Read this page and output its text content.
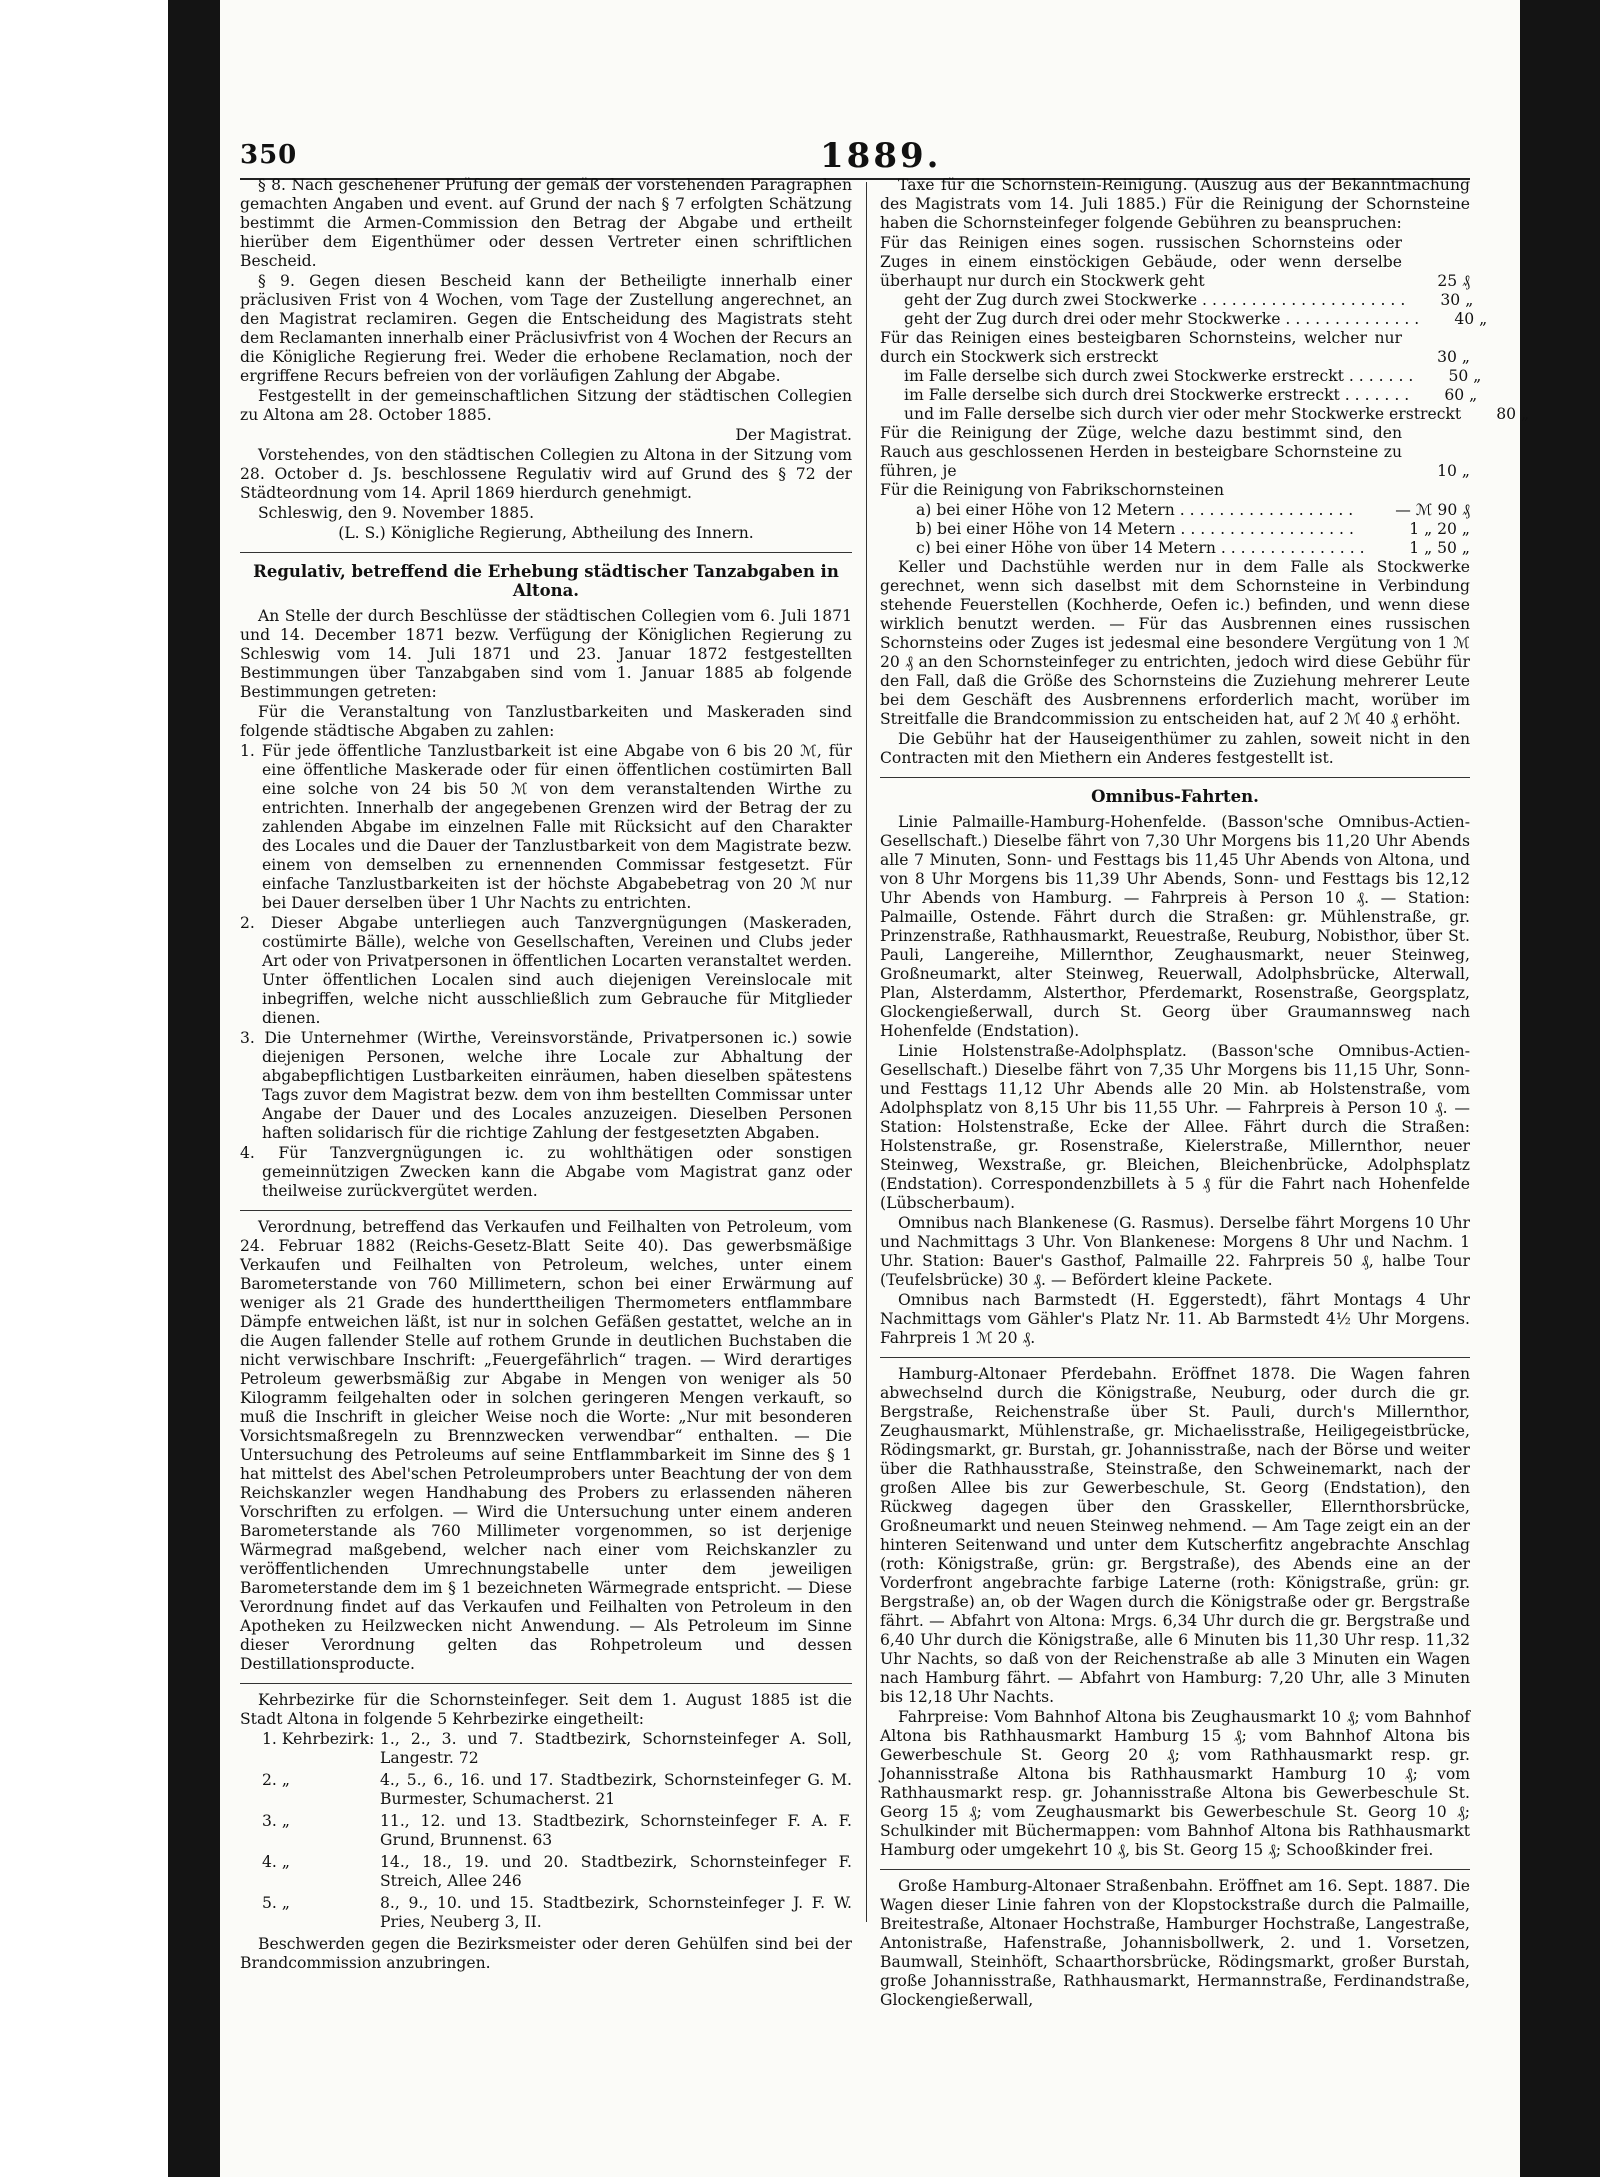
350	1889.

§ 8. Nach geschehener Prüfung der gemäß der vorstehenden Paragraphen gemachten Angaben und event. auf Grund der nach § 7 erfolgten Schätzung bestimmt die Armen-Commission den Betrag der Abgabe und ertheilt hierüber dem Eigenthümer oder dessen Vertreter einen schriftlichen Bescheid.

§ 9. Gegen diesen Bescheid kann der Betheiligte innerhalb einer präclusiven Frist von 4 Wochen, vom Tage der Zustellung angerechnet, an den Magistrat reclamiren. Gegen die Entscheidung des Magistrats steht dem Reclamanten innerhalb einer Präclusivfrist von 4 Wochen der Recurs an die Königliche Regierung frei. Weder die erhobene Reclamation, noch der ergriffene Recurs befreien von der vorläufigen Zahlung der Abgabe.

Festgestellt in der gemeinschaftlichen Sitzung der städtischen Collegien zu Altona am 28. October 1885.

Der Magistrat.

Vorstehendes, von den städtischen Collegien zu Altona in der Sitzung vom 28. October d. Js. beschlossene Regulativ wird auf Grund des § 72 der Städteordnung vom 14. April 1869 hierdurch genehmigt.

Schleswig, den 9. November 1885.

(L. S.) Königliche Regierung, Abtheilung des Innern.

Regulativ, betreffend die Erhebung städtischer Tanzabgaben in Altona.

An Stelle der durch Beschlüsse der städtischen Collegien vom 6. Juli 1871 und 14. December 1871 bezw. Verfügung der Königlichen Regierung zu Schleswig vom 14. Juli 1871 und 23. Januar 1872 festgestellten Bestimmungen über Tanzabgaben sind vom 1. Januar 1885 ab folgende Bestimmungen getreten:

Für die Veranstaltung von Tanzlustbarkeiten und Maskeraden sind folgende städtische Abgaben zu zahlen:

1. Für jede öffentliche Tanzlustbarkeit ist eine Abgabe von 6 bis 20 ℳ, für eine öffentliche Maskerade oder für einen öffentlichen costümirten Ball eine solche von 24 bis 50 ℳ von dem veranstaltenden Wirthe zu entrichten. Innerhalb der angegebenen Grenzen wird der Betrag der zu zahlenden Abgabe im einzelnen Falle mit Rücksicht auf den Charakter des Locales und die Dauer der Tanzlustbarkeit von dem Magistrate bezw. einem von demselben zu ernennenden Commissar festgesetzt. Für einfache Tanzlustbarkeiten ist der höchste Abgabebetrag von 20 ℳ nur bei Dauer derselben über 1 Uhr Nachts zu entrichten.

2. Dieser Abgabe unterliegen auch Tanzvergnügungen (Maskeraden, costümirte Bälle), welche von Gesellschaften, Vereinen und Clubs jeder Art oder von Privatpersonen in öffentlichen Locarten veranstaltet werden. Unter öffentlichen Localen sind auch diejenigen Vereinslocale mit inbegriffen, welche nicht ausschließlich zum Gebrauche für Mitglieder dienen.

3. Die Unternehmer (Wirthe, Vereinsvorstände, Privatpersonen ic.) sowie diejenigen Personen, welche ihre Locale zur Abhaltung der abgabepflichtigen Lustbarkeiten einräumen, haben dieselben spätestens Tags zuvor dem Magistrat bezw. dem von ihm bestellten Commissar unter Angabe der Dauer und des Locales anzuzeigen. Dieselben Personen haften solidarisch für die richtige Zahlung der festgesetzten Abgaben.

4. Für Tanzvergnügungen ic. zu wohlthätigen oder sonstigen gemeinnützigen Zwecken kann die Abgabe vom Magistrat ganz oder theilweise zurückvergütet werden.

Verordnung, betreffend das Verkaufen und Feilhalten von Petroleum, vom 24. Februar 1882 (Reichs-Gesetz-Blatt Seite 40). Das gewerbsmäßige Verkaufen und Feilhalten von Petroleum, welches, unter einem Barometerstande von 760 Millimetern, schon bei einer Erwärmung auf weniger als 21 Grade des hunderttheiligen Thermometers entflammbare Dämpfe entweichen läßt, ist nur in solchen Gefäßen gestattet, welche an in die Augen fallender Stelle auf rothem Grunde in deutlichen Buchstaben die nicht verwischbare Inschrift: „Feuergefährlich“ tragen. — Wird derartiges Petroleum gewerbsmäßig zur Abgabe in Mengen von weniger als 50 Kilogramm feilgehalten oder in solchen geringeren Mengen verkauft, so muß die Inschrift in gleicher Weise noch die Worte: „Nur mit besonderen Vorsichtsmaßregeln zu Brennzwecken verwendbar“ enthalten. — Die Untersuchung des Petroleums auf seine Entflammbarkeit im Sinne des § 1 hat mittelst des Abel'schen Petroleumprobers unter Beachtung der von dem Reichskanzler wegen Handhabung des Probers zu erlassenden näheren Vorschriften zu erfolgen. — Wird die Untersuchung unter einem anderen Barometerstande als 760 Millimeter vorgenommen, so ist derjenige Wärmegrad maßgebend, welcher nach einer vom Reichskanzler zu veröffentlichenden Umrechnungstabelle unter dem jeweiligen Barometerstande dem im § 1 bezeichneten Wärmegrade entspricht. — Diese Verordnung findet auf das Verkaufen und Feilhalten von Petroleum in den Apotheken zu Heilzwecken nicht Anwendung. — Als Petroleum im Sinne dieser Verordnung gelten das Rohpetroleum und dessen Destillationsproducte.

Kehrbezirke für die Schornsteinfeger. Seit dem 1. August 1885 ist die Stadt Altona in folgende 5 Kehrbezirke eingetheilt:

1. Kehrbezirk: 1., 2., 3. und 7. Stadtbezirk, Schornsteinfeger A. Soll, Langestr. 72
2. „	4., 5., 6., 16. und 17. Stadtbezirk, Schornsteinfeger G. M. Burmester, Schumacherst. 21
3. „	11., 12. und 13. Stadtbezirk, Schornsteinfeger F. A. F. Grund, Brunnenst. 63
4. „	14., 18., 19. und 20. Stadtbezirk, Schornsteinfeger F. Streich, Allee 246
5. „	8., 9., 10. und 15. Stadtbezirk, Schornsteinfeger J. F. W. Pries, Neuberg 3, II.

Beschwerden gegen die Bezirksmeister oder deren Gehülfen sind bei der Brandcommission anzubringen.

Taxe für die Schornstein-Reinigung. (Auszug aus der Bekanntmachung des Magistrats vom 14. Juli 1885.) Für die Reinigung der Schornsteine haben die Schornsteinfeger folgende Gebühren zu beanspruchen:

Für das Reinigen eines sogen. russischen Schornsteins oder Zuges in einem einstöckigen Gebäude, oder wenn derselbe überhaupt nur durch ein Stockwerk geht	25 ₰
geht der Zug durch zwei Stockwerke . . . . . . . . . . . . . . . . . . . . .	30 „
geht der Zug durch drei oder mehr Stockwerke . . . . . . . . . . . . . .	40 „
Für das Reinigen eines besteigbaren Schornsteins, welcher nur durch ein Stockwerk sich erstreckt	30 „
im Falle derselbe sich durch zwei Stockwerke erstreckt . . . . . . .	50 „
im Falle derselbe sich durch drei Stockwerke erstreckt . . . . . . .	60 „
und im Falle derselbe sich durch vier oder mehr Stockwerke erstreckt	80 „
Für die Reinigung der Züge, welche dazu bestimmt sind, den Rauch aus geschlossenen Herden in besteigbare Schornsteine zu führen, je	10 „

Für die Reinigung von Fabrikschornsteinen

a) bei einer Höhe von 12 Metern . . . . . . . . . . . . . . . . . .	— ℳ 90 ₰
b) bei einer Höhe von 14 Metern . . . . . . . . . . . . . . . . . .	1 „ 20 „
c) bei einer Höhe von über 14 Metern . . . . . . . . . . . . . . .	1 „ 50 „

Keller und Dachstühle werden nur in dem Falle als Stockwerke gerechnet, wenn sich daselbst mit dem Schornsteine in Verbindung stehende Feuerstellen (Kochherde, Oefen ic.) befinden, und wenn diese wirklich benutzt werden. — Für das Ausbrennen eines russischen Schornsteins oder Zuges ist jedesmal eine besondere Vergütung von 1 ℳ 20 ₰ an den Schornsteinfeger zu entrichten, jedoch wird diese Gebühr für den Fall, daß die Größe des Schornsteins die Zuziehung mehrerer Leute bei dem Geschäft des Ausbrennens erforderlich macht, worüber im Streitfalle die Brandcommission zu entscheiden hat, auf 2 ℳ 40 ₰ erhöht.

Die Gebühr hat der Hauseigenthümer zu zahlen, soweit nicht in den Contracten mit den Miethern ein Anderes festgestellt ist.

Omnibus-Fahrten.

Linie Palmaille-Hamburg-Hohenfelde. (Basson'sche Omnibus-Actien-Gesellschaft.) Dieselbe fährt von 7,30 Uhr Morgens bis 11,20 Uhr Abends alle 7 Minuten, Sonn- und Festtags bis 11,45 Uhr Abends von Altona, und von 8 Uhr Morgens bis 11,39 Uhr Abends, Sonn- und Festtags bis 12,12 Uhr Abends von Hamburg. — Fahrpreis à Person 10 ₰. — Station: Palmaille, Ostende. Fährt durch die Straßen: gr. Mühlenstraße, gr. Prinzenstraße, Rathhausmarkt, Reuestraße, Reuburg, Nobisthor, über St. Pauli, Langereihe, Millernthor, Zeughausmarkt, neuer Steinweg, Großneumarkt, alter Steinweg, Reuerwall, Adolphsbrücke, Alterwall, Plan, Alsterdamm, Alsterthor, Pferdemarkt, Rosenstraße, Georgsplatz, Glockengießerwall, durch St. Georg über Graumannsweg nach Hohenfelde (Endstation).

Linie Holstenstraße-Adolphsplatz. (Basson'sche Omnibus-Actien-Gesellschaft.) Dieselbe fährt von 7,35 Uhr Morgens bis 11,15 Uhr, Sonn- und Festtags 11,12 Uhr Abends alle 20 Min. ab Holstenstraße, vom Adolphsplatz von 8,15 Uhr bis 11,55 Uhr. — Fahrpreis à Person 10 ₰. — Station: Holstenstraße, Ecke der Allee. Fährt durch die Straßen: Holstenstraße, gr. Rosenstraße, Kielerstraße, Millernthor, neuer Steinweg, Wexstraße, gr. Bleichen, Bleichenbrücke, Adolphsplatz (Endstation). Correspondenzbillets à 5 ₰ für die Fahrt nach Hohenfelde (Lübscherbaum).

Omnibus nach Blankenese (G. Rasmus). Derselbe fährt Morgens 10 Uhr und Nachmittags 3 Uhr. Von Blankenese: Morgens 8 Uhr und Nachm. 1 Uhr. Station: Bauer's Gasthof, Palmaille 22. Fahrpreis 50 ₰, halbe Tour (Teufelsbrücke) 30 ₰. — Befördert kleine Packete.

Omnibus nach Barmstedt (H. Eggerstedt), fährt Montags 4 Uhr Nachmittags vom Gähler's Platz Nr. 11. Ab Barmstedt 4½ Uhr Morgens. Fahrpreis 1 ℳ 20 ₰.

Hamburg-Altonaer Pferdebahn. Eröffnet 1878. Die Wagen fahren abwechselnd durch die Königstraße, Neuburg, oder durch die gr. Bergstraße, Reichenstraße über St. Pauli, durch's Millernthor, Zeughausmarkt, Mühlenstraße, gr. Michaelisstraße, Heiligegeistbrücke, Rödingsmarkt, gr. Burstah, gr. Johannisstraße, nach der Börse und weiter über die Rathhausstraße, Steinstraße, den Schweinemarkt, nach der großen Allee bis zur Gewerbeschule, St. Georg (Endstation), den Rückweg dagegen über den Grasskeller, Ellernthorsbrücke, Großneumarkt und neuen Steinweg nehmend. — Am Tage zeigt ein an der hinteren Seitenwand und unter dem Kutscherfitz angebrachte Anschlag (roth: Königstraße, grün: gr. Bergstraße), des Abends eine an der Vorderfront angebrachte farbige Laterne (roth: Königstraße, grün: gr. Bergstraße) an, ob der Wagen durch die Königstraße oder gr. Bergstraße fährt. — Abfahrt von Altona: Mrgs. 6,34 Uhr durch die gr. Bergstraße und 6,40 Uhr durch die Königstraße, alle 6 Minuten bis 11,30 Uhr resp. 11,32 Uhr Nachts, so daß von der Reichenstraße ab alle 3 Minuten ein Wagen nach Hamburg fährt. — Abfahrt von Hamburg: 7,20 Uhr, alle 3 Minuten bis 12,18 Uhr Nachts.

Fahrpreise: Vom Bahnhof Altona bis Zeughausmarkt 10 ₰; vom Bahnhof Altona bis Rathhausmarkt Hamburg 15 ₰; vom Bahnhof Altona bis Gewerbeschule St. Georg 20 ₰; vom Rathhausmarkt resp. gr. Johannisstraße Altona bis Rathhausmarkt Hamburg 10 ₰; vom Rathhausmarkt resp. gr. Johannisstraße Altona bis Gewerbeschule St. Georg 15 ₰; vom Zeughausmarkt bis Gewerbeschule St. Georg 10 ₰; Schulkinder mit Büchermappen: vom Bahnhof Altona bis Rathhausmarkt Hamburg oder umgekehrt 10 ₰, bis St. Georg 15 ₰; Schooßkinder frei.

Große Hamburg-Altonaer Straßenbahn. Eröffnet am 16. Sept. 1887. Die Wagen dieser Linie fahren von der Klopstockstraße durch die Palmaille, Breitestraße, Altonaer Hochstraße, Hamburger Hochstraße, Langestraße, Antonistraße, Hafenstraße, Johannisbollwerk, 2. und 1. Vorsetzen, Baumwall, Steinhöft, Schaarthorsbrücke, Rödingsmarkt, großer Burstah, große Johannisstraße, Rathhausmarkt, Hermannstraße, Ferdinandstraße, Glockengießerwall,
